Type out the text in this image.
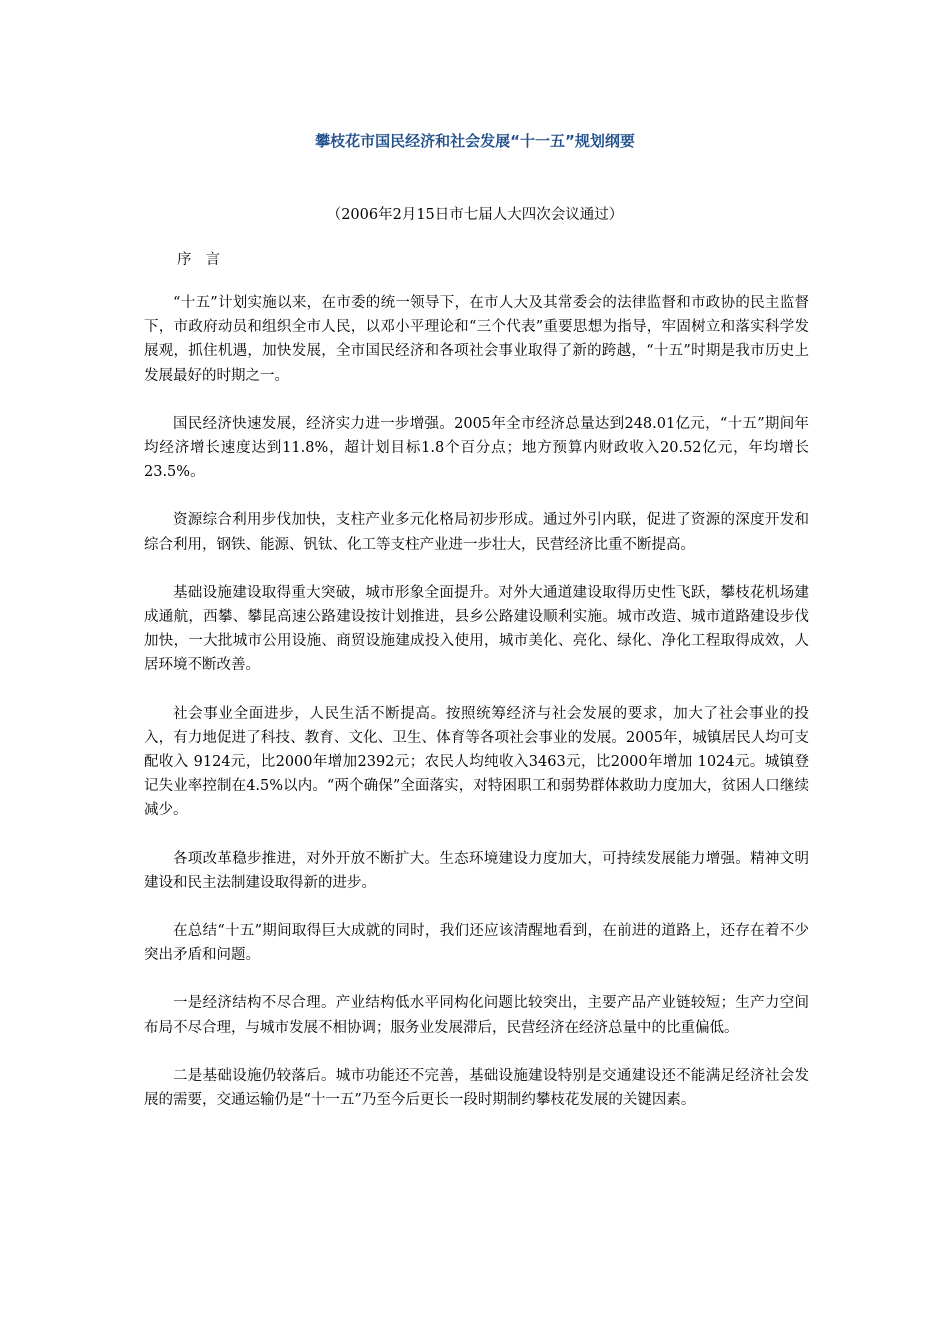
攀枝花市国民经济和社会发展“十一五”规划纲要

（2006年2月15日市七届人大四次会议通过）

序言

“十五”计划实施以来，在市委的统一领导下，在市人大及其常委会的法律监督和市政协的民主监督下，市政府动员和组织全市人民，以邓小平理论和“三个代表”重要思想为指导，牢固树立和落实科学发展观，抓住机遇，加快发展，全市国民经济和各项社会事业取得了新的跨越，“十五”时期是我市历史上发展最好的时期之一。

国民经济快速发展，经济实力进一步增强。2005年全市经济总量达到248.01亿元，“十五”期间年均经济增长速度达到11.8%，超计划目标1.8个百分点；地方预算内财政收入20.52亿元，年均增长23.5%。

资源综合利用步伐加快，支柱产业多元化格局初步形成。通过外引内联，促进了资源的深度开发和综合利用，钢铁、能源、钒钛、化工等支柱产业进一步壮大，民营经济比重不断提高。

基础设施建设取得重大突破，城市形象全面提升。对外大通道建设取得历史性飞跃，攀枝花机场建成通航，西攀、攀昆高速公路建设按计划推进，县乡公路建设顺利实施。城市改造、城市道路建设步伐加快，一大批城市公用设施、商贸设施建成投入使用，城市美化、亮化、绿化、净化工程取得成效，人居环境不断改善。

社会事业全面进步，人民生活不断提高。按照统筹经济与社会发展的要求，加大了社会事业的投入，有力地促进了科技、教育、文化、卫生、体育等各项社会事业的发展。2005年，城镇居民人均可支配收入 9124元，比2000年增加2392元；农民人均纯收入3463元，比2000年增加 1024元。城镇登记失业率控制在4.5%以内。“两个确保”全面落实，对特困职工和弱势群体救助力度加大，贫困人口继续减少。

各项改革稳步推进，对外开放不断扩大。生态环境建设力度加大，可持续发展能力增强。精神文明建设和民主法制建设取得新的进步。

在总结“十五”期间取得巨大成就的同时，我们还应该清醒地看到，在前进的道路上，还存在着不少突出矛盾和问题。

一是经济结构不尽合理。产业结构低水平同构化问题比较突出，主要产品产业链较短；生产力空间布局不尽合理，与城市发展不相协调；服务业发展滞后，民营经济在经济总量中的比重偏低。

二是基础设施仍较落后。城市功能还不完善，基础设施建设特别是交通建设还不能满足经济社会发展的需要，交通运输仍是“十一五”乃至今后更长一段时期制约攀枝花发展的关键因素。
